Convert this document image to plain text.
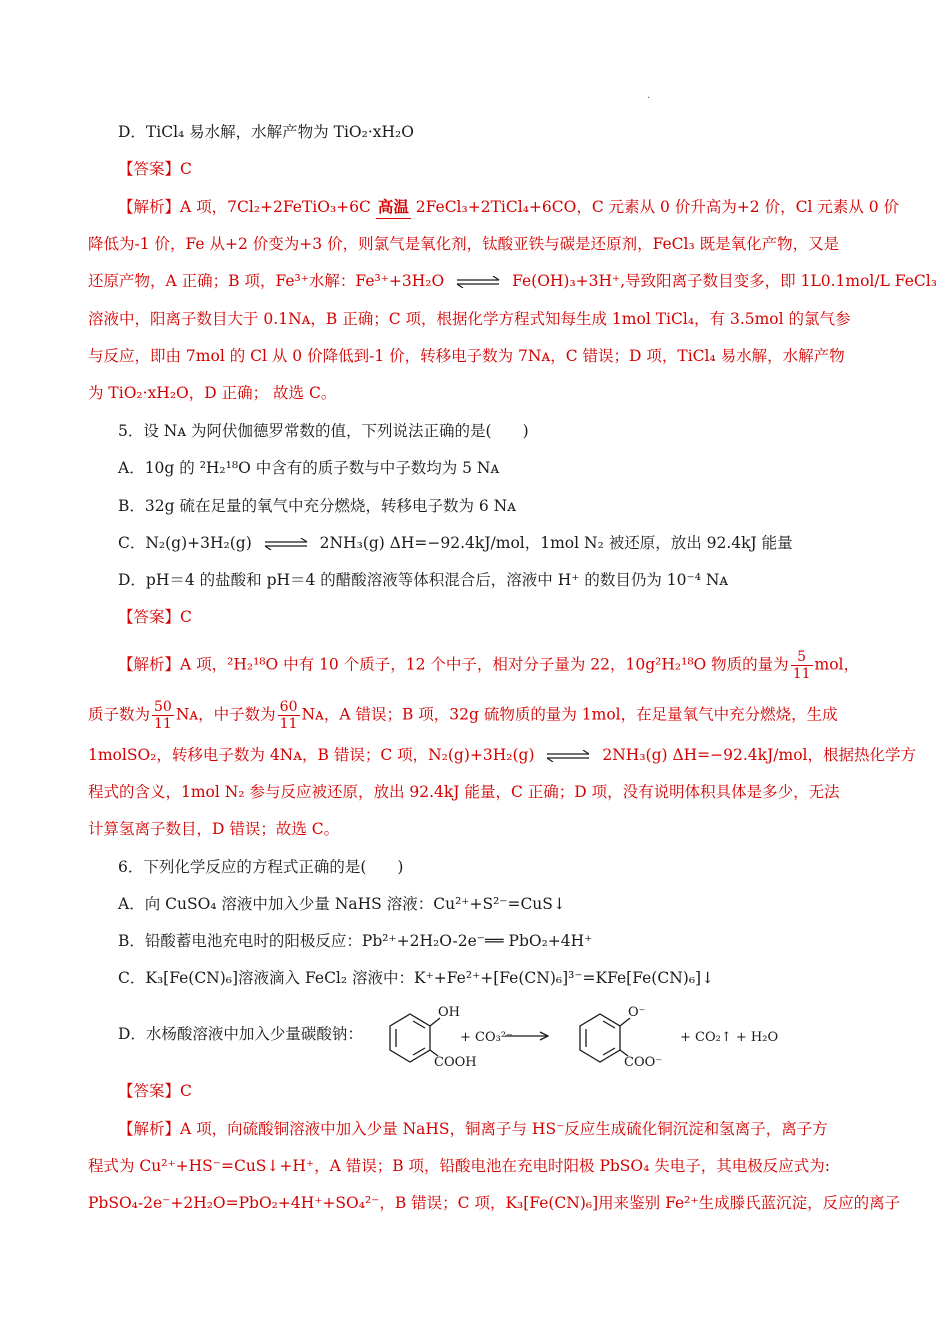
.
D．TiCl₄ 易水解，水解产物为 TiO₂·xH₂O
【答案】C
【解析】A 项，7Cl₂+2FeTiO₃+6C 高温 2FeCl₃+2TiCl₄+6CO，C 元素从 0 价升高为+2 价，Cl 元素从 0 价
降低为-1 价，Fe 从+2 价变为+3 价，则氯气是氧化剂，钛酸亚铁与碳是还原剂，FeCl₃ 既是氧化产物，又是
还原产物，A 正确；B 项，Fe³⁺水解：Fe³⁺+3H₂O ⇌ Fe(OH)₃+3H⁺,导致阳离子数目变多，即 1L0.1mol/L FeCl₃
溶液中，阳离子数目大于 0.1Nᴀ，B 正确；C 项，根据化学方程式知每生成 1mol TiCl₄，有 3.5mol 的氯气参
与反应，即由 7mol 的 Cl 从 0 价降低到-1 价，转移电子数为 7Nᴀ，C 错误；D 项，TiCl₄ 易水解，水解产物
为 TiO₂·xH₂O，D 正确； 故选 C。
5．设 Nᴀ 为阿伏伽德罗常数的值，下列说法正确的是(　　)
A．10g 的 ²H₂¹⁸O 中含有的质子数与中子数均为 5 Nᴀ
B．32g 硫在足量的氧气中充分燃烧，转移电子数为 6 Nᴀ
C．N₂(g)+3H₂(g) ⇌ 2NH₃(g) ΔH=−92.4kJ/mol，1mol N₂ 被还原，放出 92.4kJ 能量
D．pH＝4 的盐酸和 pH＝4 的醋酸溶液等体积混合后，溶液中 H⁺ 的数目仍为 10⁻⁴ Nᴀ
【答案】C
【解析】A 项，²H₂¹⁸O 中有 10 个质子，12 个中子，相对分子量为 22，10g²H₂¹⁸O 物质的量为 $\frac{5}{11}$ mol，
质子数为 $\frac{50}{11}$ Nᴀ，中子数为 $\frac{60}{11}$ Nᴀ，A 错误；B 项，32g 硫物质的量为 1mol，在足量氧气中充分燃烧，生成
1molSO₂，转移电子数为 4Nᴀ，B 错误；C 项，N₂(g)+3H₂(g) ⇌ 2NH₃(g) ΔH=−92.4kJ/mol，根据热化学方
程式的含义，1mol N₂ 参与反应被还原，放出 92.4kJ 能量，C 正确；D 项，没有说明体积具体是多少，无法
计算氢离子数目，D 错误；故选 C。
6．下列化学反应的方程式正确的是(　　)
A．向 CuSO₄ 溶液中加入少量 NaHS 溶液：Cu²⁺+S²⁻=CuS↓
B．铅酸蓄电池充电时的阳极反应：Pb²⁺+2H₂O-2e⁻══ PbO₂+4H⁺
C．K₃[Fe(CN)₆]溶液滴入 FeCl₂ 溶液中：K⁺+Fe²⁺+[Fe(CN)₆]³⁻=KFe[Fe(CN)₆]↓
D．水杨酸溶液中加入少量碳酸钠：
OH
COOH
+ CO₃²⁻
O⁻
COO⁻
+ CO₂↑ + H₂O
【答案】C
【解析】A 项，向硫酸铜溶液中加入少量 NaHS，铜离子与 HS⁻反应生成硫化铜沉淀和氢离子，离子方
程式为 Cu²⁺+HS⁻=CuS↓+H⁺，A 错误；B 项，铅酸电池在充电时阳极 PbSO₄ 失电子，其电极反应式为:
PbSO₄-2e⁻+2H₂O=PbO₂+4H⁺+SO₄²⁻，B 错误；C 项，K₃[Fe(CN)₆]用来鉴别 Fe²⁺生成滕氏蓝沉淀，反应的离子
